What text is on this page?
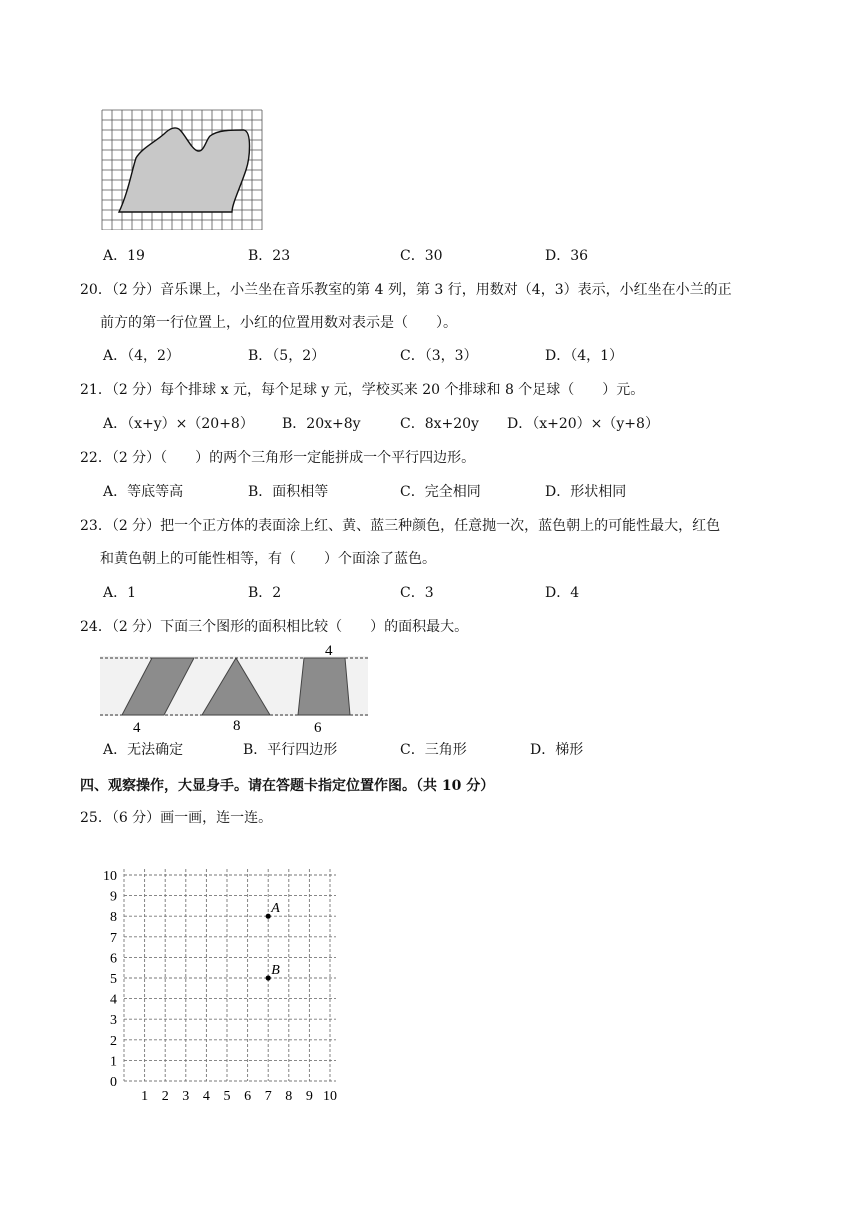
A．19	B．23	C．30	D．36
20．（2 分）音乐课上，小兰坐在音乐教室的第 4 列，第 3 行，用数对（4，3）表示，小红坐在小兰的正
前方的第一行位置上，小红的位置用数对表示是（　　）。
A．（4，2）	B．（5，2）	C．（3，3）	D．（4，1）
21．（2 分）每个排球 x 元，每个足球 y 元，学校买来 20 个排球和 8 个足球（　　）元。
A．（x+y）×（20+8） B．20x+8y	C．8x+20y D．（x+20）×（y+8）
22．（2 分）（　　）的两个三角形一定能拼成一个平行四边形。
A．等底等高	B．面积相等	C．完全相同	D．形状相同
23．（2 分）把一个正方体的表面涂上红、黄、蓝三种颜色，任意抛一次，蓝色朝上的可能性最大，红色
和黄色朝上的可能性相等，有（　　）个面涂了蓝色。
A．1	B．2	C．3	D．4
24．（2 分）下面三个图形的面积相比较（　　）的面积最大。
4	8	6
4
A．无法确定	B．平行四边形	C．三角形	D．梯形
四、观察操作，大显身手。请在答题卡指定位置作图。（共 10 分）
25．（6 分）画一画，连一连。
10
9
8
7
6
5
4
3
2
1
0
1 2 3 4 5 6 7 8 9 10
A
B
